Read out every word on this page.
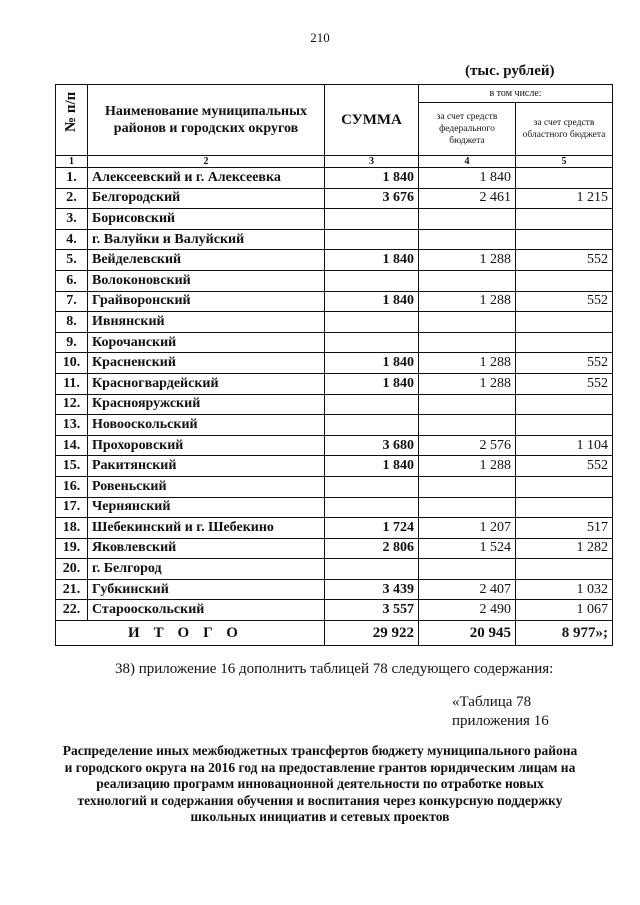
210
(тыс. рублей)
№ п/п	Наименование муниципальных районов и городских округов	СУММА	в том числе:	
			за счет средств федерального бюджета	за счет средств областного бюджета
1	2	3	4	5
1.	Алексеевский и г. Алексеевка	1 840	1 840	
2.	Белгородский	3 676	2 461	1 215
3.	Борисовский			
4.	г. Валуйки и Валуйский			
5.	Вейделевский	1 840	1 288	552
6.	Волоконовский			
7.	Грайворонский	1 840	1 288	552
8.	Ивнянский			
9.	Корочанский			
10.	Красненский	1 840	1 288	552
11.	Красногвардейский	1 840	1 288	552
12.	Краснояружский			
13.	Новооскольский			
14.	Прохоровский	3 680	2 576	1 104
15.	Ракитянский	1 840	1 288	552
16.	Ровеньский			
17.	Чернянский			
18.	Шебекинский и г. Шебекино	1 724	1 207	517
19.	Яковлевский	2 806	1 524	1 282
20.	г. Белгород			
21.	Губкинский	3 439	2 407	1 032
22.	Старооскольский	3 557	2 490	1 067
ИТОГО		29 922	20 945	8 977»;
38) приложение 16 дополнить таблицей 78 следующего содержания:
«Таблица 78
приложения 16
Распределение иных межбюджетных трансфертов бюджету муниципального района и городского округа на 2016 год на предоставление грантов юридическим лицам на реализацию программ инновационной деятельности по отработке новых технологий и содержания обучения и воспитания через конкурсную поддержку школьных инициатив и сетевых проектов
